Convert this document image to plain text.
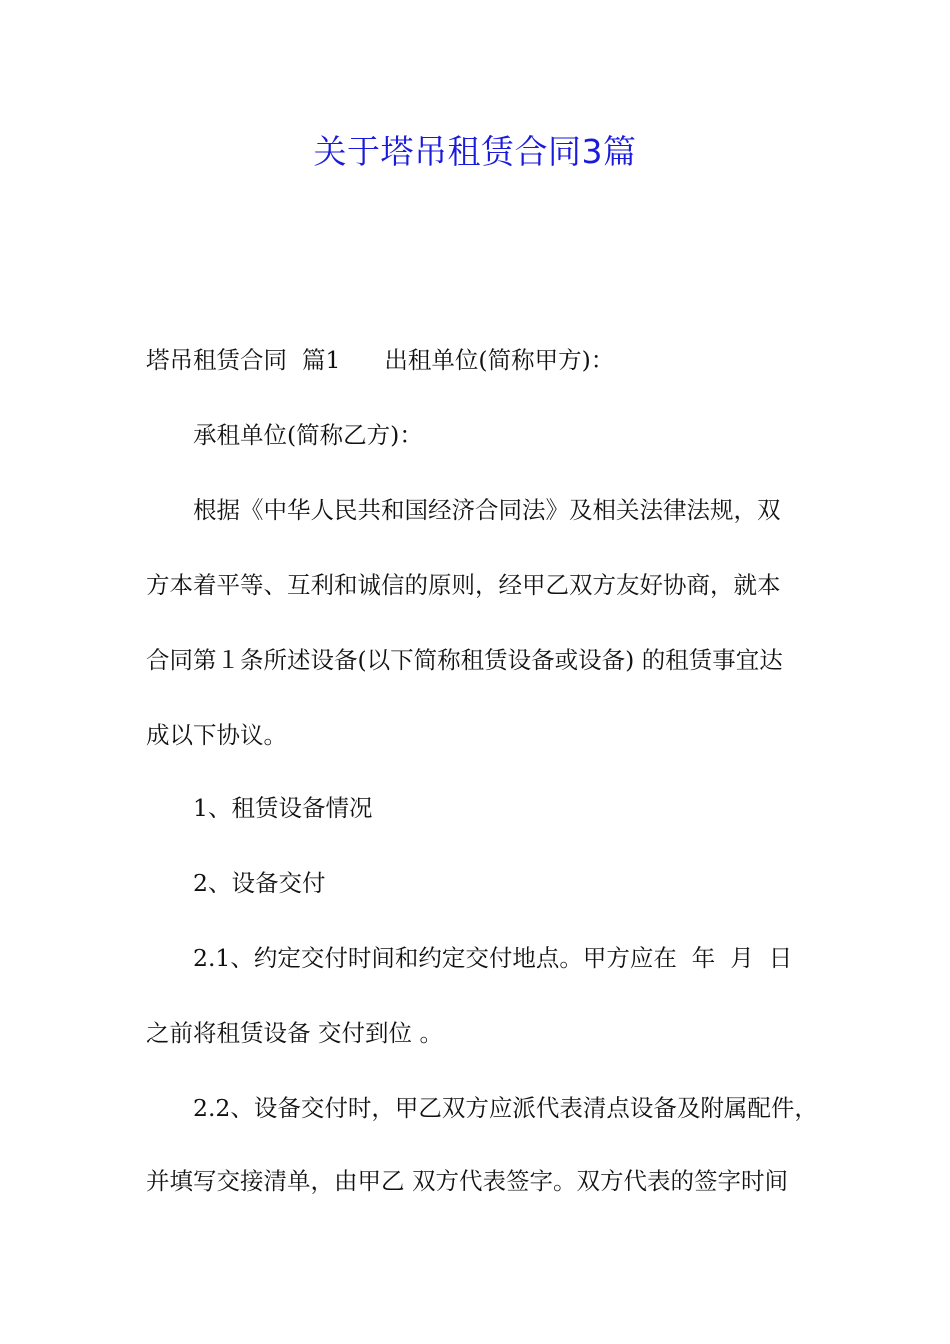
关于塔吊租赁合同3篇
塔吊租赁合同  篇1 出租单位(简称甲方)：
承租单位(简称乙方)：
根据《中华人民共和国经济合同法》及相关法律法规，双
方本着平等、互利和诚信的原则，经甲乙双方友好协商，就本
合同第１条所述设备(以下简称租赁设备或设备) 的租赁事宜达
成以下协议。
1、租赁设备情况
2、设备交付
2.1、约定交付时间和约定交付地点。甲方应在  年  月  日
之前将租赁设备 交付到位 。
2.2、设备交付时，甲乙双方应派代表清点设备及附属配件，
并填写交接清单，由甲乙 双方代表签字。双方代表的签字时间
